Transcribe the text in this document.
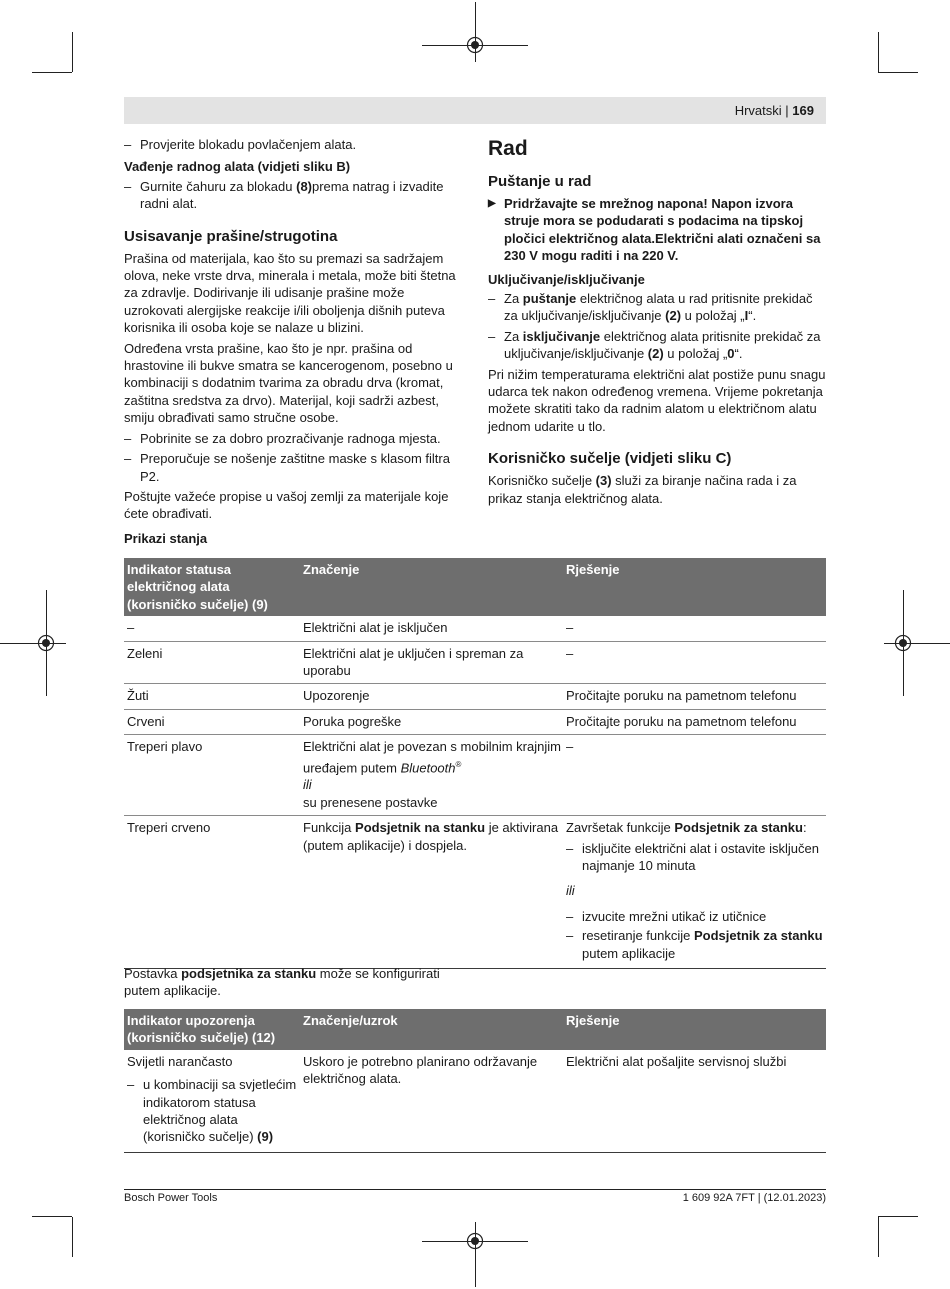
Hrvatski | 169
– Provjerite blokadu povlačenjem alata.
Vađenje radnog alata (vidjeti sliku B)
– Gurnite čahuru za blokadu (8)prema natrag i izvadite radni alat.
Usisavanje prašine/strugotina

Prašina od materijala, kao što su premazi sa sadržajem olova, neke vrste drva, minerala i metala, može biti štetna za zdravlje. Dodirivanje ili udisanje prašine može uzrokovati alergijske reakcije i/ili oboljenja dišnih puteva korisnika ili osoba koje se nalaze u blizini.

Određena vrsta prašine, kao što je npr. prašina od hrastovine ili bukve smatra se kancerogenom, posebno u kombinaciji s dodatnim tvarima za obradu drva (kromat, zaštitna sredstva za drvo). Materijal, koji sadrži azbest, smiju obrađivati samo stručne osobe.

– Pobrinite se za dobro prozračivanje radnoga mjesta.
– Preporučuje se nošenje zaštitne maske s klasom filtra P2.

Poštujte važeće propise u vašoj zemlji za materijale koje ćete obrađivati.

Rad
Puštanje u rad
▶ Pridržavajte se mrežnog napona! Napon izvora struje mora se podudarati s podacima na tipskoj pločici električnog alata.Električni alati označeni sa 230 V mogu raditi i na 220 V.
Uključivanje/isključivanje
– Za puštanje električnog alata u rad pritisnite prekidač za uključivanje/isključivanje (2) u položaj „I“.
– Za isključivanje električnog alata pritisnite prekidač za uključivanje/isključivanje (2) u položaj „0“.

Pri nižim temperaturama električni alat postiže punu snagu udarca tek nakon određenog vremena. Vrijeme pokretanja možete skratiti tako da radnim alatom u električnom alatu jednom udarite u tlo.

Korisničko sučelje (vidjeti sliku C)

Korisničko sučelje (3) služi za biranje načina rada i za prikaz stanja električnog alata.

Prikazi stanja
Indikator statusa električnog alata (korisničko sučelje) (9)	Značenje	Rješenje
–	Električni alat je isključen	–
Zeleni	Električni alat je uključen i spreman za uporabu	–
Žuti	Upozorenje	Pročitajte poruku na pametnom telefonu
Crveni	Poruka pogreške	Pročitajte poruku na pametnom telefonu
Treperi plavo	Električni alat je povezan s mobilnim krajnjim uređajem putem Bluetooth®
ili
su prenesene postavke	–
Treperi crveno	Funkcija Podsjetnik na stanku je aktivirana (putem aplikacije) i dospjela.	Završetak funkcije Podsjetnik za stanku:
– isključite električni alat i ostavite isključen najmanje 10 minuta
ili
– izvucite mrežni utikač iz utičnice
– resetiranje funkcije Podsjetnik za stanku putem aplikacije
Postavka podsjetnika za stanku može se konfigurirati putem aplikacije.
Indikator upozorenja (korisničko sučelje) (12)	Značenje/uzrok	Rješenje

Svijetli narančasto
– u kombinaciji sa svjetlećim indikatorom statusa električnog alata (korisničko sučelje) (9)	Uskoro je potrebno planirano održavanje električnog alata.	Električni alat pošaljite servisnoj službi
Bosch Power Tools	1 609 92A 7FT | (12.01.2023)
